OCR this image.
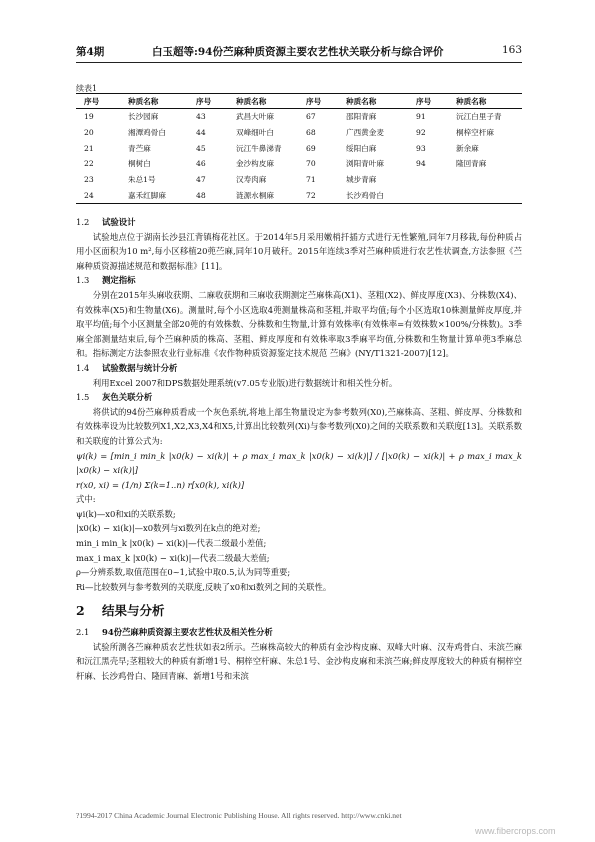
第4期	白玉超等:94份苎麻种质资源主要农艺性状关联分析与综合评价	163
续表1
序号	种质名称	序号	种质名称	序号	种质名称	序号	种质名称
19	长沙园麻	43	武昌大叶麻	67	邵阳青麻	91	沅江白里子青
20	湘潭鸡骨白	44	双峰细叶白	68	广西黄金麦	92	桐梓空杆麻
21	青苎麻	45	沅江牛鼻涕青	69	绥阳白麻	93	新余麻
22	桐树白	46	金沙构皮麻	70	浏阳青叶麻	94	隆回青麻
23	朱总1号	47	汉寿肉麻	71	城步青麻		
24	嘉禾红脚麻	48	涟源水桐麻	72	长沙鸡骨白		
1.2 试验设计

试验地点位于湖南长沙县江背镇梅花社区。于2014年5月采用嫩梢扦插方式进行无性繁殖,同年7月移栽,每份种质占用小区面积为10 m²,每小区移植20蔸苎麻,同年10月破秆。2015年连续3季对苎麻种质进行农艺性状调查,方法参照《苎麻种质资源描述规范和数据标准》[11]。

1.3 测定指标

分别在2015年头麻收获期、二麻收获期和三麻收获期测定苎麻株高(X1)、茎粗(X2)、鲜皮厚度(X3)、分株数(X4)、有效株率(X5)和生物量(X6)。测量时,每个小区选取4蔸测量株高和茎粗,并取平均值;每个小区选取10株测量鲜皮厚度,并取平均值;每个小区测量全部20蔸的有效株数、分株数和生物量,计算有效株率(有效株率=有效株数×100%/分株数)。3季麻全部测量结束后,每个苎麻种质的株高、茎粗、鲜皮厚度和有效株率取3季麻平均值,分株数和生物量计算单蔸3季麻总和。指标测定方法参照农业行业标准《农作物种质资源鉴定技术规范 苎麻》(NY/T1321-2007)[12]。

1.4 试验数据与统计分析

利用Excel 2007和DPS数据处理系统(v7.05专业版)进行数据统计和相关性分析。

1.5 灰色关联分析

将供试的94份苎麻种质看成一个灰色系统,将地上部生物量设定为参考数列(X0),苎麻株高、茎粗、鲜皮厚、分株数和有效株率设为比较数列X1,X2,X3,X4和X5,计算出比较数列(Xi)与参考数列(X0)之间的关联系数和关联度[13]。关联系数和关联度的计算公式为:

ψi(k) = [min_i min_k |x0(k) − xi(k)| + ρ max_i max_k |x0(k) − xi(k)|] / [|x0(k) − xi(k)| + ρ max_i max_k |x0(k) − xi(k)|]

r(x0, xi) = (1/n) Σ(k=1..n) r[x0(k), xi(k)]

式中:

ψi(k)—x0和xi的关联系数;

|x0(k) − xi(k)|—x0数列与xi数列在k点的绝对差;

min_i min_k |x0(k) − xi(k)|—代表二级最小差值;

max_i max_k |x0(k) − xi(k)|—代表二级最大差值;

ρ—分辨系数,取值范围在0~1,试验中取0.5,认为同等重要;

Ri—比较数列与参考数列的关联度,反映了x0和xi数列之间的关联性。

2 结果与分析
2.1 94份苎麻种质资源主要农艺性状及相关性分析

试验所测各苎麻种质农艺性状如表2所示。苎麻株高较大的种质有金沙构皮麻、双峰大叶麻、汉寿鸡骨白、耒滨苎麻和沅江黑壳早;茎粗较大的种质有新增1号、桐梓空杆麻、朱总1号、金沙构皮麻和耒滨苎麻;鲜皮厚度较大的种质有桐梓空杆麻、长沙鸡骨白、隆回青麻、新增1号和耒滨

?1994-2017 China Academic Journal Electronic Publishing House. All rights reserved. http://www.cnki.net
www.fibercrops.com
